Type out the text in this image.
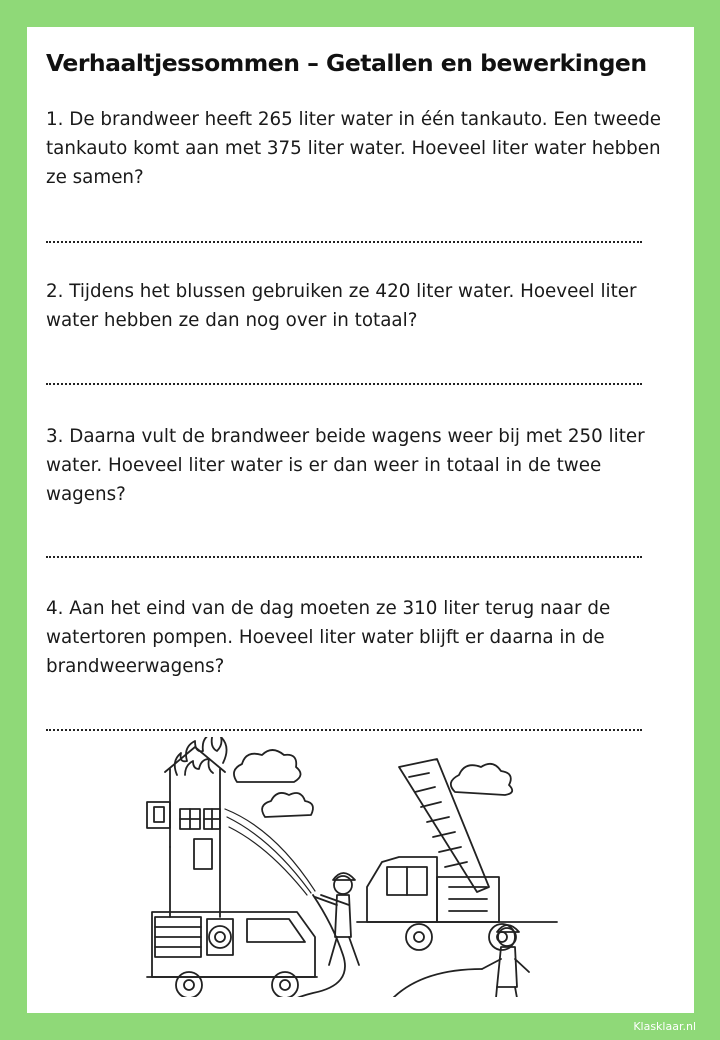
Verhaaltjessommen – Getallen en bewerkingen

1. De brandweer heeft 265 liter water in één tankauto. Een tweede tankauto komt aan met 375 liter water. Hoeveel liter water hebben ze samen?

2. Tijdens het blussen gebruiken ze 420 liter water. Hoeveel liter water hebben ze dan nog over in totaal?

3. Daarna vult de brandweer beide wagens weer bij met 250 liter water. Hoeveel liter water is er dan weer in totaal in de twee wagens?

4. Aan het eind van de dag moeten ze 310 liter terug naar de watertoren pompen. Hoeveel liter water blijft er daarna in de brandweerwagens?

Klasklaar.nl
